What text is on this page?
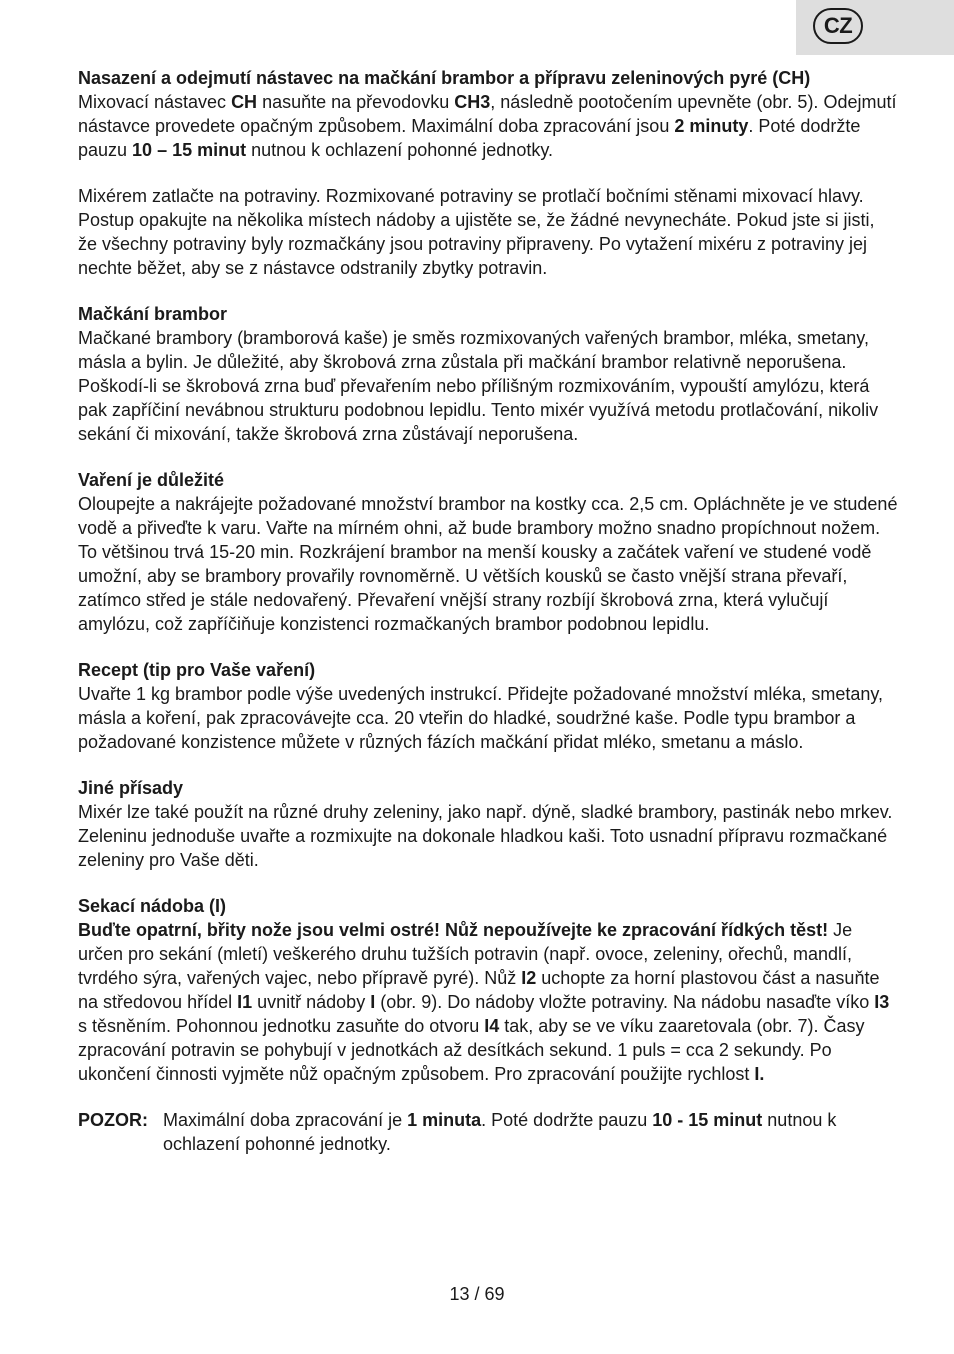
CZ

Nasazení a odejmutí nástavec na mačkání brambor a přípravu zeleninových pyré (CH)

Mixovací nástavec CH nasuňte na převodovku CH3, následně pootočením upevněte (obr. 5). Odejmutí nástavce provedete opačným způsobem. Maximální doba zpracování jsou 2 minuty. Poté dodržte pauzu 10 – 15 minut nutnou k ochlazení pohonné jednotky.

Mixérem zatlačte na potraviny. Rozmixované potraviny se protlačí bočními stěnami mixovací hlavy. Postup opakujte na několika místech nádoby a ujistěte se, že žádné nevynecháte. Pokud jste si jisti, že všechny potraviny byly rozmačkány jsou potraviny připraveny. Po vytažení mixéru z potraviny jej nechte běžet, aby se z nástavce odstranily zbytky potravin.

Mačkání brambor

Mačkané brambory (bramborová kaše) je směs rozmixovaných vařených brambor, mléka, smetany, másla a bylin. Je důležité, aby škrobová zrna zůstala při mačkání brambor relativně neporušena. Poškodí-li se škrobová zrna buď převařením nebo přílišným rozmixováním, vypouští amylózu, která pak zapříčiní nevábnou strukturu podobnou lepidlu. Tento mixér využívá metodu protlačování, nikoliv sekání či mixování, takže škrobová zrna zůstávají neporušena.

Vaření je důležité

Oloupejte a nakrájejte požadované množství brambor na kostky cca. 2,5 cm. Opláchněte je ve studené vodě a přiveďte k varu. Vařte na mírném ohni, až bude brambory možno snadno propíchnout nožem. To většinou trvá 15-20 min. Rozkrájení brambor na menší kousky a začátek vaření ve studené vodě umožní, aby se brambory provařily rovnoměrně. U větších kousků se často vnější strana převaří, zatímco střed je stále nedovařený. Převaření vnější strany rozbíjí škrobová zrna, která vylučují amylózu, což zapříčiňuje konzistenci rozmačkaných brambor podobnou lepidlu.

Recept (tip pro Vaše vaření)

Uvařte 1 kg brambor podle výše uvedených instrukcí. Přidejte požadované množství mléka, smetany, másla a koření, pak zpracovávejte cca. 20 vteřin do hladké, soudržné kaše. Podle typu brambor a požadované konzistence můžete v různých fázích mačkání přidat mléko, smetanu a máslo.

Jiné přísady

Mixér lze také použít na různé druhy zeleniny, jako např. dýně, sladké brambory, pastinák nebo mrkev. Zeleninu jednoduše uvařte a rozmixujte na dokonale hladkou kaši. Toto usnadní přípravu rozmačkané zeleniny pro Vaše děti.

Sekací nádoba (I)

Buďte opatrní, břity nože jsou velmi ostré! Nůž nepoužívejte ke zpracování řídkých těst! Je určen pro sekání (mletí) veškerého druhu tužších potravin (např. ovoce, zeleniny, ořechů, mandlí, tvrdého sýra, vařených vajec, nebo přípravě pyré). Nůž I2 uchopte za horní plastovou část a nasuňte na středovou hřídel I1 uvnitř nádoby I (obr. 9). Do nádoby vložte potraviny. Na nádobu nasaďte víko I3 s těsněním. Pohonnou jednotku zasuňte do otvoru I4 tak, aby se ve víku zaaretovala (obr. 7). Časy zpracování potravin se pohybují v jednotkách až desítkách sekund. 1 puls = cca 2 sekundy. Po ukončení činnosti vyjměte nůž opačným způsobem. Pro zpracování použijte rychlost I.

POZOR: Maximální doba zpracování je 1 minuta. Poté dodržte pauzu 10 - 15 minut nutnou k ochlazení pohonné jednotky.
13 / 69
